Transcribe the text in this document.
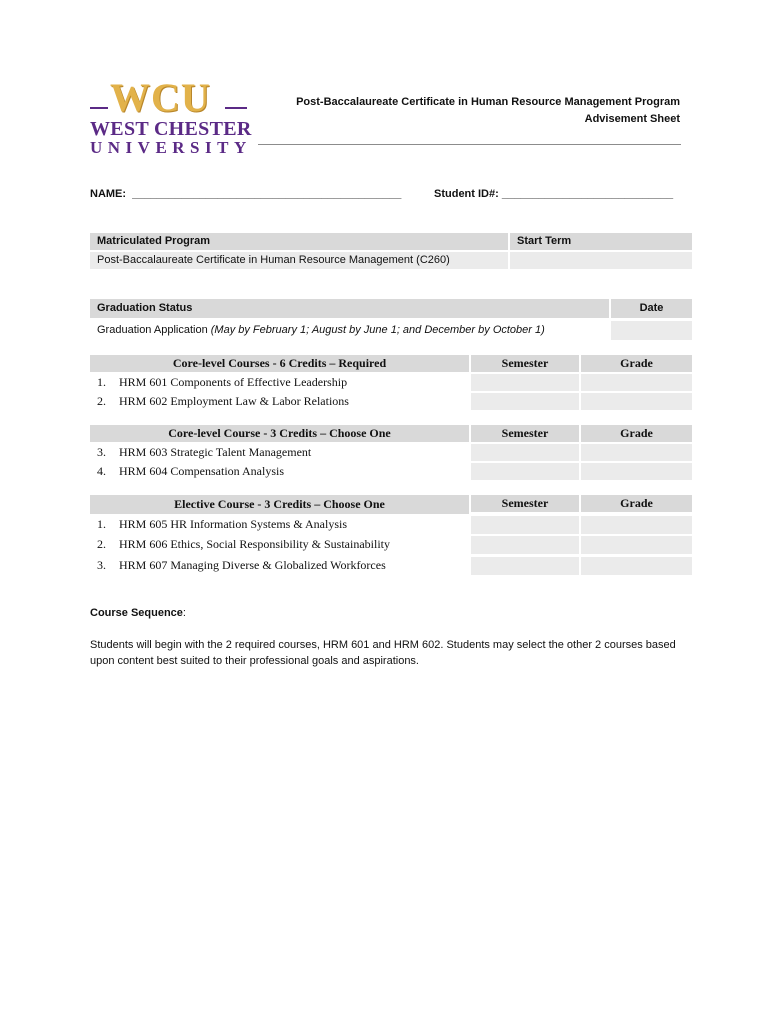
WCU
WEST CHESTER
UNIVERSITY
Post-Baccalaureate Certificate in Human Resource Management Program
Advisement Sheet
NAME:  ____________________________________________	Student ID#: ____________________________
Matriculated Program	Start Term
Post-Baccalaureate Certificate in Human Resource Management (C260)
Graduation Status	Date
Graduation Application (May by February 1; August by June 1; and December by October 1)
Core-level Courses - 6 Credits – Required	Semester	Grade
1. HRM 601 Components of Effective Leadership
2. HRM 602 Employment Law & Labor Relations
Core-level Course - 3 Credits – Choose One	Semester	Grade
3. HRM 603 Strategic Talent Management
4. HRM 604 Compensation Analysis
Elective Course - 3 Credits – Choose One	Semester	Grade
1. HRM 605 HR Information Systems & Analysis
2. HRM 606 Ethics, Social Responsibility & Sustainability
3. HRM 607 Managing Diverse & Globalized Workforces
Course Sequence:
Students will begin with the 2 required courses, HRM 601 and HRM 602. Students may select the other 2 courses based upon content best suited to their professional goals and aspirations.
